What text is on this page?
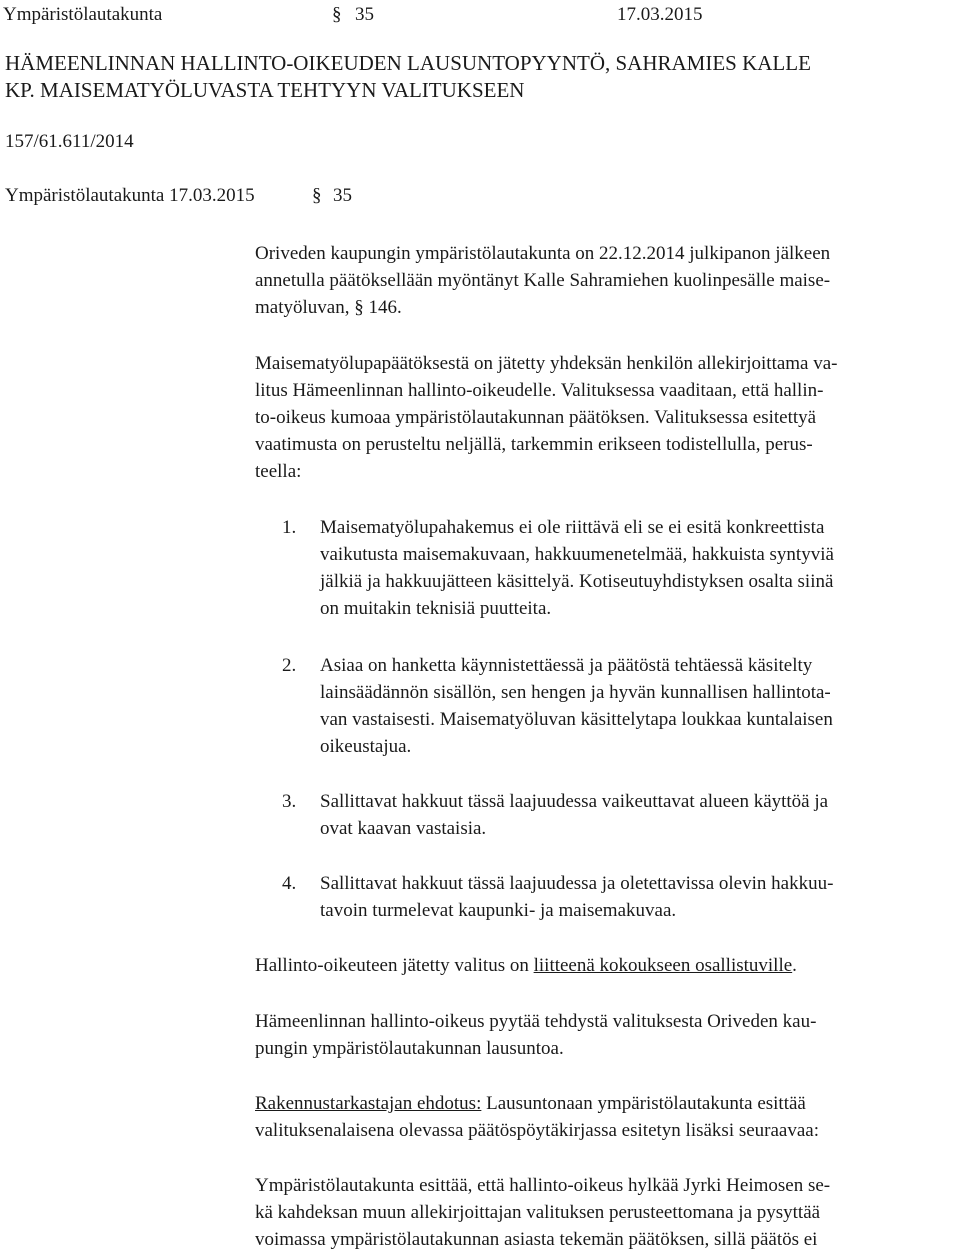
Ympäristölautakunta	§ 35	17.03.2015
HÄMEENLINNAN HALLINTO-OIKEUDEN LAUSUNTOPYYNTÖ, SAHRAMIES KALLE
KP. MAISEMATYÖLUVASTA TEHTYYN VALITUKSEEN
157/61.611/2014
Ympäristölautakunta 17.03.2015	§ 35
Oriveden kaupungin ympäristölautakunta on 22.12.2014 julkipanon jälkeen
annetulla päätöksellään myöntänyt Kalle Sahramiehen kuolinpesälle maise-
matyöluvan, § 146.
Maisematyölupapäätöksestä on jätetty yhdeksän henkilön allekirjoittama va-
litus Hämeenlinnan hallinto-oikeudelle. Valituksessa vaaditaan, että hallin-
to-oikeus kumoaa ympäristölautakunnan päätöksen. Valituksessa esitettyä
vaatimusta on perusteltu neljällä, tarkemmin erikseen todistellulla, perus-
teella:
1. Maisematyölupahakemus ei ole riittävä eli se ei esitä konkreettista
vaikutusta maisemakuvaan, hakkuumenetelmää, hakkuista syntyviä
jälkiä ja hakkuujätteen käsittelyä. Kotiseutuyhdistyksen osalta siinä
on muitakin teknisiä puutteita.
2. Asiaa on hanketta käynnistettäessä ja päätöstä tehtäessä käsitelty
lainsäädännön sisällön, sen hengen ja hyvän kunnallisen hallintota-
van vastaisesti. Maisematyöluvan käsittelytapa loukkaa kuntalaisen
oikeustajua.
3. Sallittavat hakkuut tässä laajuudessa vaikeuttavat alueen käyttöä ja
ovat kaavan vastaisia.
4. Sallittavat hakkuut tässä laajuudessa ja oletettavissa olevin hakkuu-
tavoin turmelevat kaupunki- ja maisemakuvaa.
Hallinto-oikeuteen jätetty valitus on liitteenä kokoukseen osallistuville.
Hämeenlinnan hallinto-oikeus pyytää tehdystä valituksesta Oriveden kau-
pungin ympäristölautakunnan lausuntoa.
Rakennustarkastajan ehdotus: Lausuntonaan ympäristölautakunta esittää
valituksenalaisena olevassa päätöspöytäkirjassa esitetyn lisäksi seuraavaa:
Ympäristölautakunta esittää, että hallinto-oikeus hylkää Jyrki Heimosen se-
kä kahdeksan muun allekirjoittajan valituksen perusteettomana ja pysyttää
voimassa ympäristölautakunnan asiasta tekemän päätöksen, sillä päätös ei
